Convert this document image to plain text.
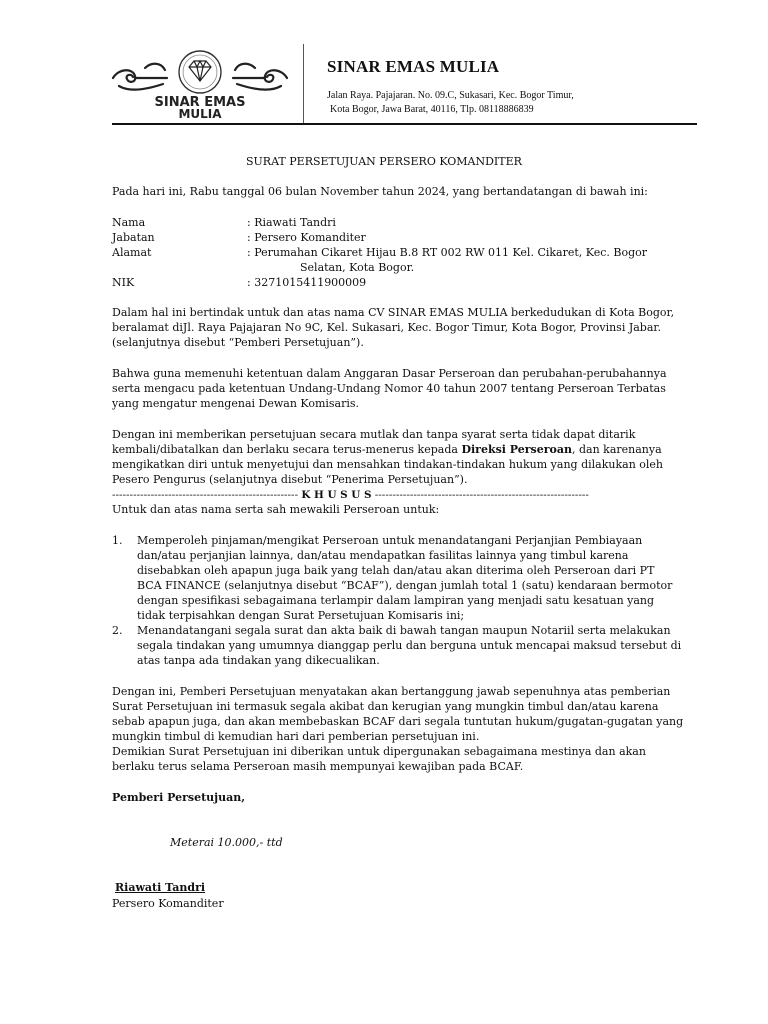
SINAR EMAS
MULIA
SINAR EMAS MULIA
Jalan Raya. Pajajaran. No. 09.C, Sukasari, Kec. Bogor Timur,
Kota Bogor, Jawa Barat, 40116, Tlp. 08118886839
SURAT PERSETUJUAN PERSERO KOMANDITER
Pada hari ini, Rabu tanggal 06 bulan November tahun 2024, yang bertandatangan di bawah ini:
Nama	: Riawati Tandri
Jabatan	: Persero Komanditer
Alamat	: Perumahan Cikaret Hijau B.8 RT 002 RW 011 Kel. Cikaret, Kec. Bogor
Selatan, Kota Bogor.
NIK	: 3271015411900009
Dalam hal ini bertindak untuk dan atas nama CV SINAR EMAS MULIA berkedudukan di Kota Bogor,
beralamat diJl. Raya Pajajaran No 9C, Kel. Sukasari, Kec. Bogor Timur, Kota Bogor, Provinsi Jabar.
(selanjutnya disebut “Pemberi Persetujuan”).
Bahwa guna memenuhi ketentuan dalam Anggaran Dasar Perseroan dan perubahan-perubahannya
serta mengacu pada ketentuan Undang-Undang Nomor 40 tahun 2007 tentang Perseroan Terbatas
yang mengatur mengenai Dewan Komisaris.
Dengan ini memberikan persetujuan secara mutlak dan tanpa syarat serta tidak dapat ditarik
kembali/dibatalkan dan berlaku secara terus-menerus kepada Direksi Perseroan, dan karenanya
mengikatkan diri untuk menyetujui dan mensahkan tindakan-tindakan hukum yang dilakukan oleh
Pesero Pengurus (selanjutnya disebut “Penerima Persetujuan”).
----------------------------------------------------- K H U S U S -------------------------------------------------------------
Untuk dan atas nama serta sah mewakili Perseroan untuk:
1. Memperoleh pinjaman/mengikat Perseroan untuk menandatangani Perjanjian Pembiayaan
dan/atau perjanjian lainnya, dan/atau mendapatkan fasilitas lainnya yang timbul karena
disebabkan oleh apapun juga baik yang telah dan/atau akan diterima oleh Perseroan dari PT
BCA FINANCE (selanjutnya disebut “BCAF”), dengan jumlah total 1 (satu) kendaraan bermotor
dengan spesifikasi sebagaimana terlampir dalam lampiran yang menjadi satu kesatuan yang
tidak terpisahkan dengan Surat Persetujuan Komisaris ini;
2. Menandatangani segala surat dan akta baik di bawah tangan maupun Notariil serta melakukan
segala tindakan yang umumnya dianggap perlu dan berguna untuk mencapai maksud tersebut di
atas tanpa ada tindakan yang dikecualikan.
Dengan ini, Pemberi Persetujuan menyatakan akan bertanggung jawab sepenuhnya atas pemberian
Surat Persetujuan ini termasuk segala akibat dan kerugian yang mungkin timbul dan/atau karena
sebab apapun juga, dan akan membebaskan BCAF dari segala tuntutan hukum/gugatan-gugatan yang
mungkin timbul di kemudian hari dari pemberian persetujuan ini.
Demikian Surat Persetujuan ini diberikan untuk dipergunakan sebagaimana mestinya dan akan
berlaku terus selama Perseroan masih mempunyai kewajiban pada BCAF.
Pemberi Persetujuan,
Meterai 10.000,- ttd
Riawati Tandri
Persero Komanditer
